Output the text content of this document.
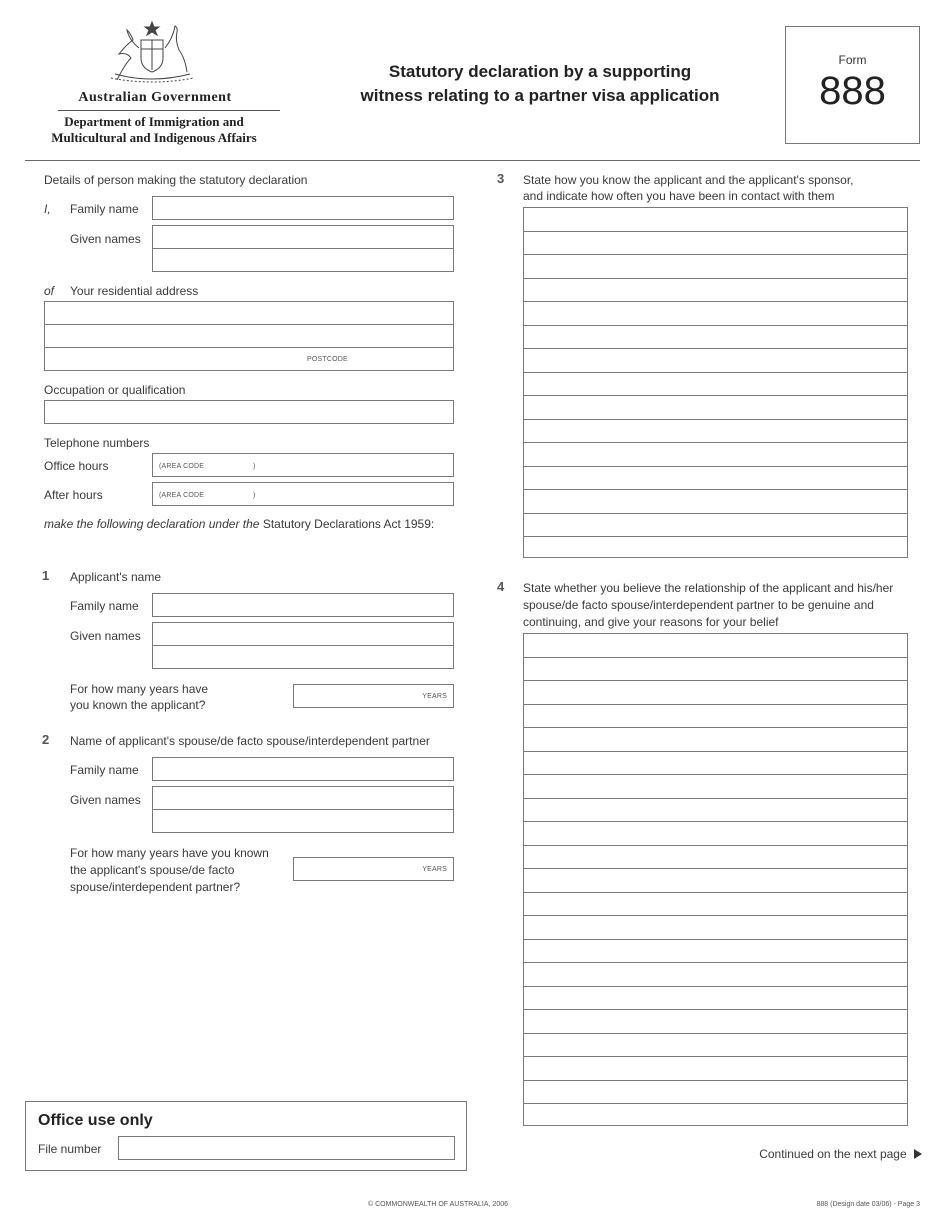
Australian Government
Department of Immigration and
Multicultural and Indigenous Affairs
Statutory declaration by a supporting
witness relating to a partner visa application
Form
888
Details of person making the statutory declaration
I, Family name
Given names
of Your residential address
POSTCODE
Occupation or qualification
Telephone numbers
Office hours	(AREA CODE	)
After hours	(AREA CODE	)
make the following declaration under the Statutory Declarations Act 1959:
1 Applicant's name
Family name
Given names
For how many years have
you known the applicant?
YEARS
2 Name of applicant's spouse/de facto spouse/interdependent partner
Family name
Given names
For how many years have you known
the applicant's spouse/de facto
spouse/interdependent partner?
YEARS
Office use only
File number
3 State how you know the applicant and the applicant's sponsor,
and indicate how often you have been in contact with them
4 State whether you believe the relationship of the applicant and his/her
spouse/de facto spouse/interdependent partner to be genuine and
continuing, and give your reasons for your belief
Continued on the next page
© COMMONWEALTH OF AUSTRALIA, 2006	888 (Design date 03/06) - Page 3
